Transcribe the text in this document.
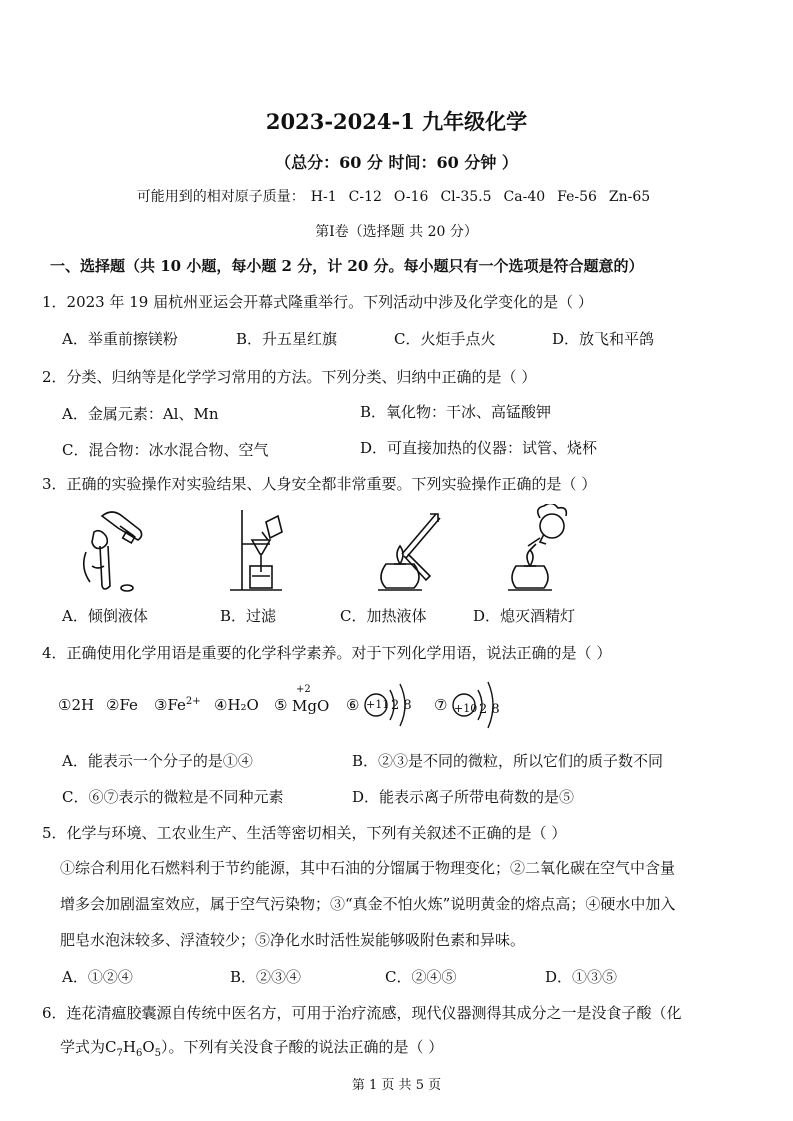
2023-2024-1 九年级化学
（总分：60 分 时间：60 分钟 ）
可能用到的相对原子质量： H-1 C-12 O-16 Cl-35.5 Ca-40 Fe-56 Zn-65
第Ⅰ卷（选择题 共 20 分）
一、选择题（共 10 小题，每小题 2 分，计 20 分。每小题只有一个选项是符合题意的）
1．2023 年 19 届杭州亚运会开幕式隆重举行。下列活动中涉及化学变化的是（ ）
A．举重前擦镁粉	B．升五星红旗	C．火炬手点火	D．放飞和平鸽
2．分类、归纳等是化学学习常用的方法。下列分类、归纳中正确的是（ ）
A．金属元素：Al、Mn	B．氧化物：干冰、高锰酸钾
C．混合物：冰水混合物、空气	D．可直接加热的仪器：试管、烧杯
3．正确的实验操作对实验结果、人身安全都非常重要。下列实验操作正确的是（ ）
A．倾倒液体	B．过滤	C．加热液体	D．熄灭酒精灯
4．正确使用化学用语是重要的化学科学素养。对于下列化学用语，说法正确的是（ ）
①2H ②Fe $③Fe^{2+}$ ④H₂O ⑤
+2
MgO ⑥ +11 2 8 ⑦ +10 2 8
A．能表示一个分子的是①④	B．②③是不同的微粒，所以它们的质子数不同
C．⑥⑦表示的微粒是不同种元素	D．能表示离子所带电荷数的是⑤
5．化学与环境、工农业生产、生活等密切相关，下列有关叙述不正确的是（ ）
①综合利用化石燃料利于节约能源，其中石油的分馏属于物理变化；②二氧化碳在空气中含量
增多会加剧温室效应，属于空气污染物；③“真金不怕火炼”说明黄金的熔点高；④硬水中加入
肥皂水泡沫较多、浮渣较少；⑤净化水时活性炭能够吸附色素和异味。
A．①②④	B．②③④	C．②④⑤	D．①③⑤
6．连花清瘟胶囊源自传统中医名方，可用于治疗流感，现代仪器测得其成分之一是没食子酸（化
学式为$C_7H_6O_5$）。下列有关没食子酸的说法正确的是（ ）
第 1 页 共 5 页
